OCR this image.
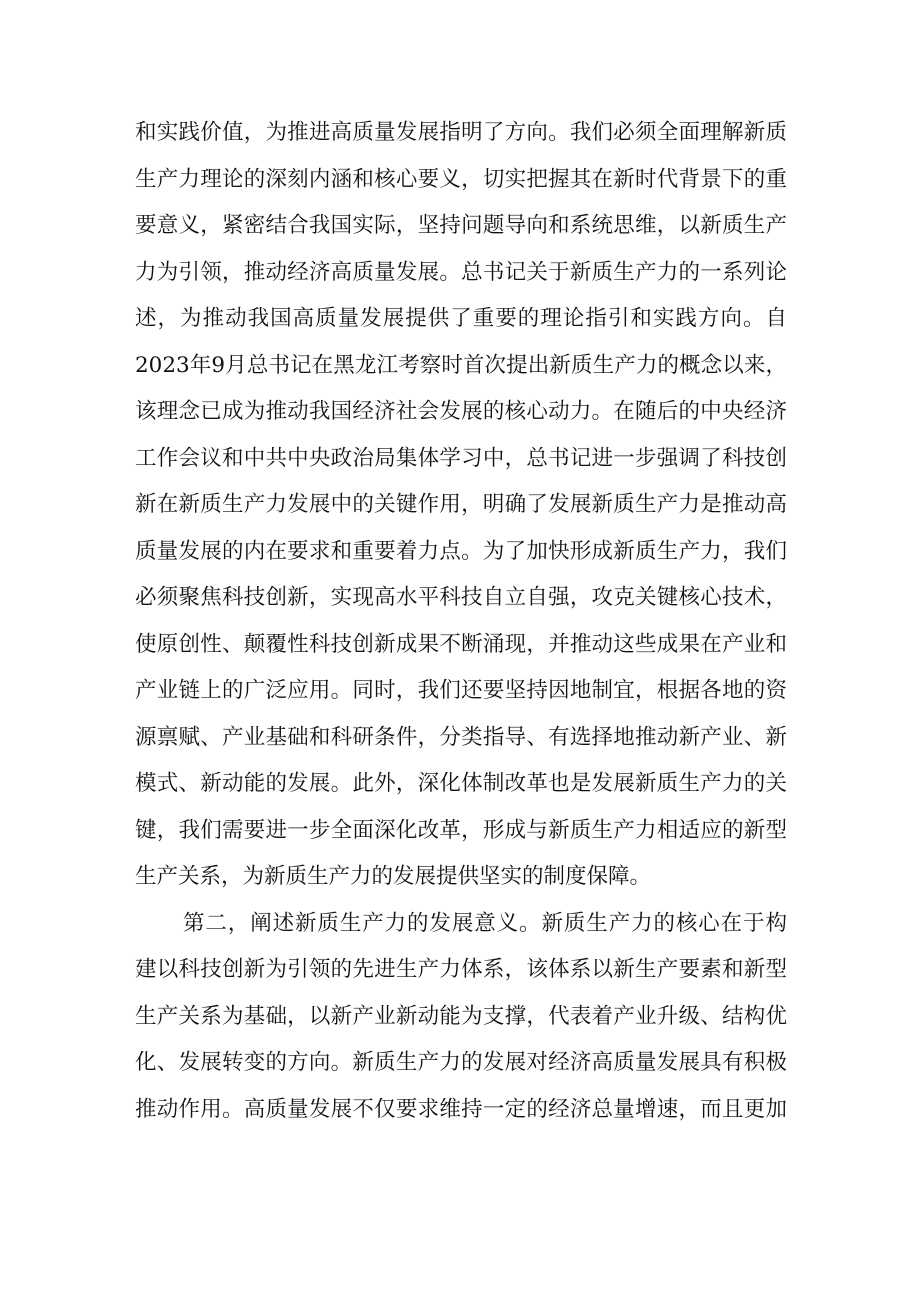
和实践价值，为推进高质量发展指明了方向。我们必须全面理解新质
生产力理论的深刻内涵和核心要义，切实把握其在新时代背景下的重
要意义，紧密结合我国实际，坚持问题导向和系统思维，以新质生产
力为引领，推动经济高质量发展。总书记关于新质生产力的一系列论
述，为推动我国高质量发展提供了重要的理论指引和实践方向。自
2023年9月总书记在黑龙江考察时首次提出新质生产力的概念以来，
该理念已成为推动我国经济社会发展的核心动力。在随后的中央经济
工作会议和中共中央政治局集体学习中，总书记进一步强调了科技创
新在新质生产力发展中的关键作用，明确了发展新质生产力是推动高
质量发展的内在要求和重要着力点。为了加快形成新质生产力，我们
必须聚焦科技创新，实现高水平科技自立自强，攻克关键核心技术，
使原创性、颠覆性科技创新成果不断涌现，并推动这些成果在产业和
产业链上的广泛应用。同时，我们还要坚持因地制宜，根据各地的资
源禀赋、产业基础和科研条件，分类指导、有选择地推动新产业、新
模式、新动能的发展。此外，深化体制改革也是发展新质生产力的关
键，我们需要进一步全面深化改革，形成与新质生产力相适应的新型
生产关系，为新质生产力的发展提供坚实的制度保障。
第二，阐述新质生产力的发展意义。新质生产力的核心在于构
建以科技创新为引领的先进生产力体系，该体系以新生产要素和新型
生产关系为基础，以新产业新动能为支撑，代表着产业升级、结构优
化、发展转变的方向。新质生产力的发展对经济高质量发展具有积极
推动作用。高质量发展不仅要求维持一定的经济总量增速，而且更加
